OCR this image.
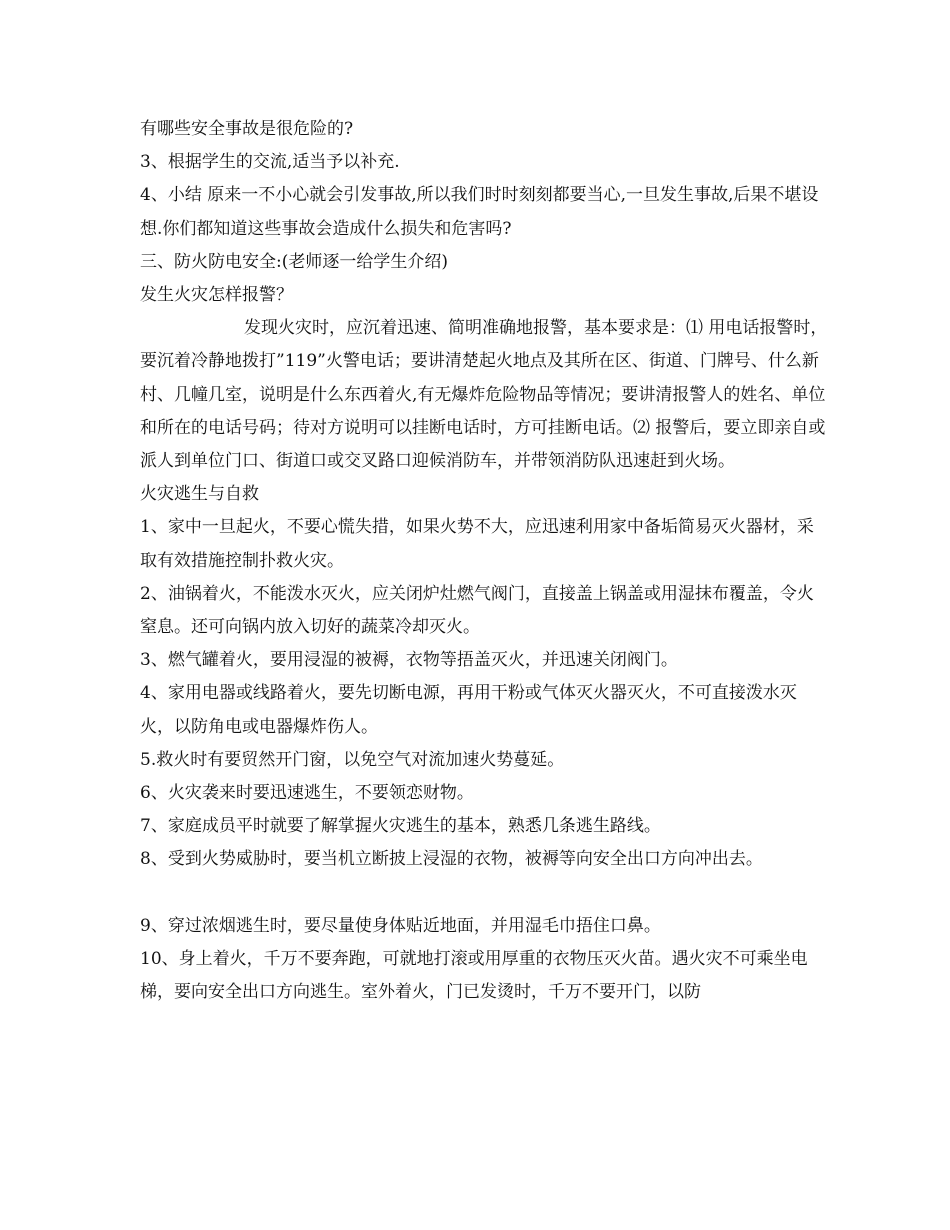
有哪些安全事故是很危险的?

3、根据学生的交流,适当予以补充.

4、小结 原来一不小心就会引发事故,所以我们时时刻刻都要当心,一旦发生事故,后果不堪设想.你们都知道这些事故会造成什么损失和危害吗?

三、防火防电安全:(老师逐一给学生介绍)

发生火灾怎样报警？

发现火灾时，应沉着迅速、简明准确地报警，基本要求是：⑴ 用电话报警时，要沉着冷静地拨打”119”火警电话；要讲清楚起火地点及其所在区、街道、门牌号、什么新村、几幢几室，说明是什么东西着火,有无爆炸危险物品等情况；要讲清报警人的姓名、单位和所在的电话号码；待对方说明可以挂断电话时，方可挂断电话。⑵ 报警后，要立即亲自或派人到单位门口、街道口或交叉路口迎候消防车，并带领消防队迅速赶到火场。

火灾逃生与自救

1、家中一旦起火，不要心慌失措，如果火势不大，应迅速利用家中备垢简易灭火器材，采取有效措施控制扑救火灾。

2、油锅着火，不能泼水灭火，应关闭炉灶燃气阀门，直接盖上锅盖或用湿抹布覆盖，令火窒息。还可向锅内放入切好的蔬菜冷却灭火。

3、燃气罐着火，要用浸湿的被褥，衣物等捂盖灭火，并迅速关闭阀门。

4、家用电器或线路着火，要先切断电源，再用干粉或气体灭火器灭火，不可直接泼水灭火，以防角电或电器爆炸伤人。

5.救火时有要贸然开门窗，以免空气对流加速火势蔓延。

6、火灾袭来时要迅速逃生，不要领恋财物。

7、家庭成员平时就要了解掌握火灾逃生的基本，熟悉几条逃生路线。

8、受到火势威胁时，要当机立断披上浸湿的衣物，被褥等向安全出口方向冲出去。

9、穿过浓烟逃生时，要尽量使身体贴近地面，并用湿毛巾捂住口鼻。

10、身上着火，千万不要奔跑，可就地打滚或用厚重的衣物压灭火苗。遇火灾不可乘坐电梯，要向安全出口方向逃生。室外着火，门已发烫时，千万不要开门，以防
